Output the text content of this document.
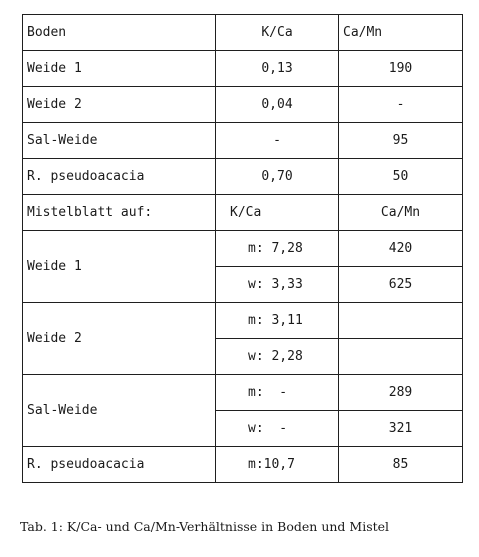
Boden	K/Ca	Ca/Mn
Weide 1	0,13	190
Weide 2	0,04	-
Sal-Weide	-	95
R. pseudoacacia	0,70	50
Mistelblatt auf:	K/Ca	Ca/Mn
Weide 1	m: 7,28	420
	w: 3,33	625
Weide 2	m: 3,11	
	w: 2,28	
Sal-Weide	m:  -	289
	w:  -	321
R. pseudoacacia	m:10,7	85
Tab. 1: K/Ca- und Ca/Mn-Verhältnisse in Boden und Mistel
